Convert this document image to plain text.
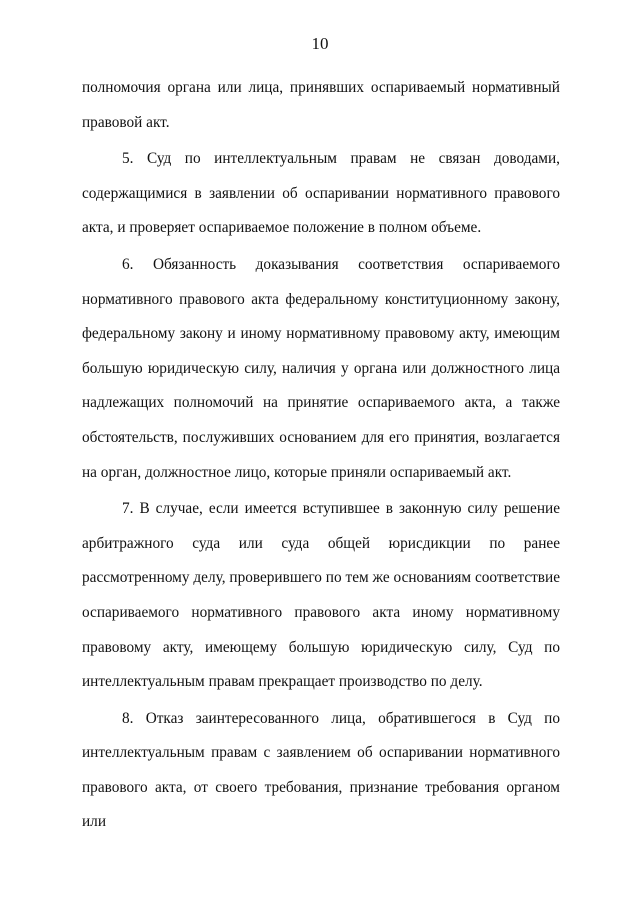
10

полномочия органа или лица, принявших оспариваемый нормативный правовой акт.

5. Суд по интеллектуальным правам не связан доводами, содержащимися в заявлении об оспаривании нормативного правового акта, и проверяет оспариваемое положение в полном объеме.

6. Обязанность доказывания соответствия оспариваемого нормативного правового акта федеральному конституционному закону, федеральному закону и иному нормативному правовому акту, имеющим большую юридическую силу, наличия у органа или должностного лица надлежащих полномочий на принятие оспариваемого акта, а также обстоятельств, послуживших основанием для его принятия, возлагается на орган, должностное лицо, которые приняли оспариваемый акт.

7. В случае, если имеется вступившее в законную силу решение арбитражного суда или суда общей юрисдикции по ранее рассмотренному делу, проверившего по тем же основаниям соответствие оспариваемого нормативного правового акта иному нормативному правовому акту, имеющему большую юридическую силу, Суд по интеллектуальным правам прекращает производство по делу.

8. Отказ заинтересованного лица, обратившегося в Суд по интеллектуальным правам с заявлением об оспаривании нормативного правового акта, от своего требования, признание требования органом или
